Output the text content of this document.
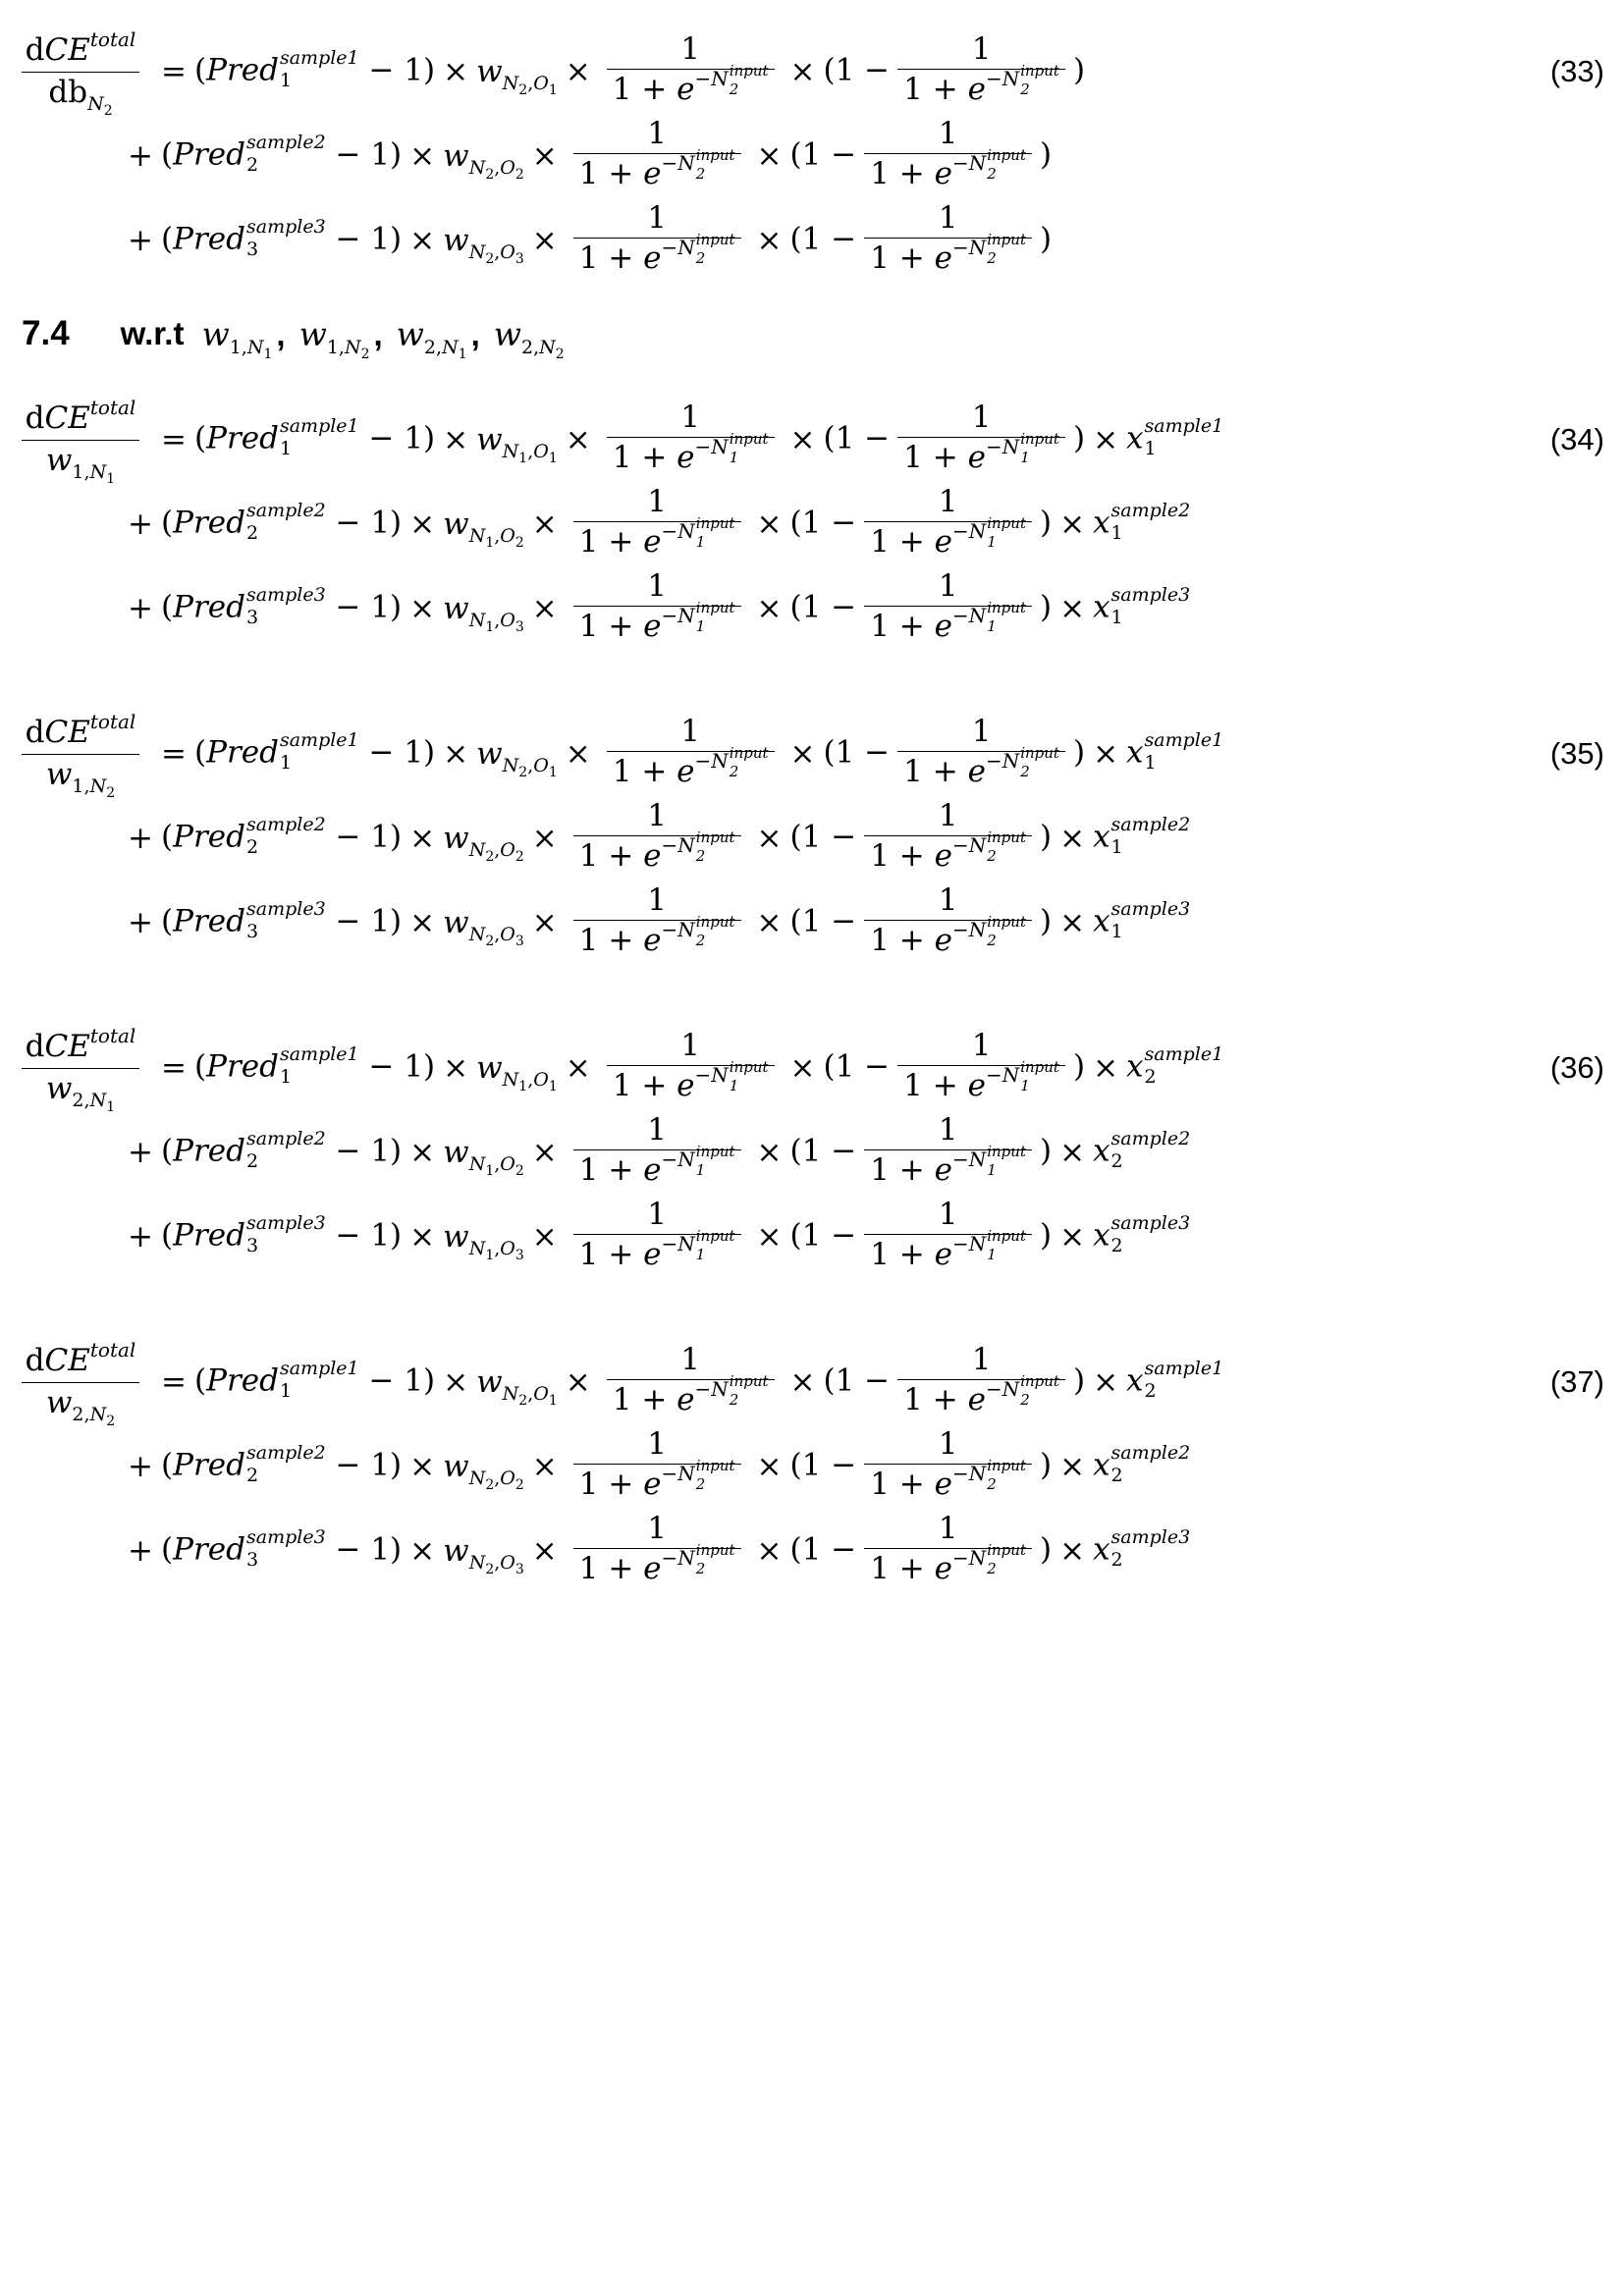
7.4 w.r.t $w_{1,N_1}$, $w_{1,N_2}$, $w_{2,N_1}$, $w_{2,N_2}$
$\frac{dCE^{total}}{db_{N_2}}$ = (Pred sample1
1	− $1) \times w_{N_2,O_1}$
×
1
$1 + e^{-N input 2}$	× (1 −
1
$1 + e^{-N input 2}$
)
+ (Pred sample2
2	− $1) \times w_{N_2,O_2}$
×
1
$1 + e^{-N input 2}$	× (1 −
1
$1 + e^{-N input 2}$
)
+ (Pred sample3
3	− $1) \times w_{N_2,O_3}$
×
1
$1 + e^{-N input 2}$	× (1 −
1
$1 + e^{-N input 2}$
)
(33)
$\frac{dCE^{total}}{w_{1,N_1}}$ = (Pred sample1
1	− $1) \times w_{N_1,O_1}$
×
1
$1 + e^{-N input 1}$	× (1 −
1
$1 + e^{-N input 1}$
) × x sample1
1
+ (Pred sample2
2	− $1) \times w_{N_1,O_2}$
×
1
$1 + e^{-N input 1}$	× (1 −
1
$1 + e^{-N input 1}$
) × x sample2
1
+ (Pred sample3
3	− $1) \times w_{N_1,O_3}$
×
1
$1 + e^{-N input 1}$	× (1 −
1
$1 + e^{-N input 1}$
) × x sample3
1
(34)
$\frac{dCE^{total}}{w_{1,N_2}}$ = (Pred sample1
1	− $1) \times w_{N_2,O_1}$
×
1
$1 + e^{-N input 2}$	× (1 −
1
$1 + e^{-N input 2}$
) × x sample1
1
+ (Pred sample2
2	− $1) \times w_{N_2,O_2}$
×
1
$1 + e^{-N input 2}$	× (1 −
1
$1 + e^{-N input 2}$
) × x sample2
1
+ (Pred sample3
3	− $1) \times w_{N_2,O_3}$
×
1
$1 + e^{-N input 2}$	× (1 −
1
$1 + e^{-N input 2}$
) × x sample3
1
(35)
$\frac{dCE^{total}}{w_{2,N_1}}$ = (Pred sample1
1	− $1) \times w_{N_1,O_1}$
×
1
$1 + e^{-N input 1}$	× (1 −
1
$1 + e^{-N input 1}$
) × x sample1
2
+ (Pred sample2
2	− $1) \times w_{N_1,O_2}$
×
1
$1 + e^{-N input 1}$	× (1 −
1
$1 + e^{-N input 1}$
) × x sample2
2
+ (Pred sample3
3	− $1) \times w_{N_1,O_3}$
×
1
$1 + e^{-N input 1}$	× (1 −
1
$1 + e^{-N input 1}$
) × x sample3
2
(36)
$\frac{dCE^{total}}{w_{2,N_2}}$ = (Pred sample1
1	− $1) \times w_{N_2,O_1}$
×
1
$1 + e^{-N input 2}$	× (1 −
1
$1 + e^{-N input 2}$
) × x sample1
2
+ (Pred sample2
2	− $1) \times w_{N_2,O_2}$
×
1
$1 + e^{-N input 2}$	× (1 −
1
$1 + e^{-N input 2}$
) × x sample2
2
+ (Pred sample3
3	− $1) \times w_{N_2,O_3}$
×
1
$1 + e^{-N input 2}$	× (1 −
1
$1 + e^{-N input 2}$
) × x sample3
2
(37)
